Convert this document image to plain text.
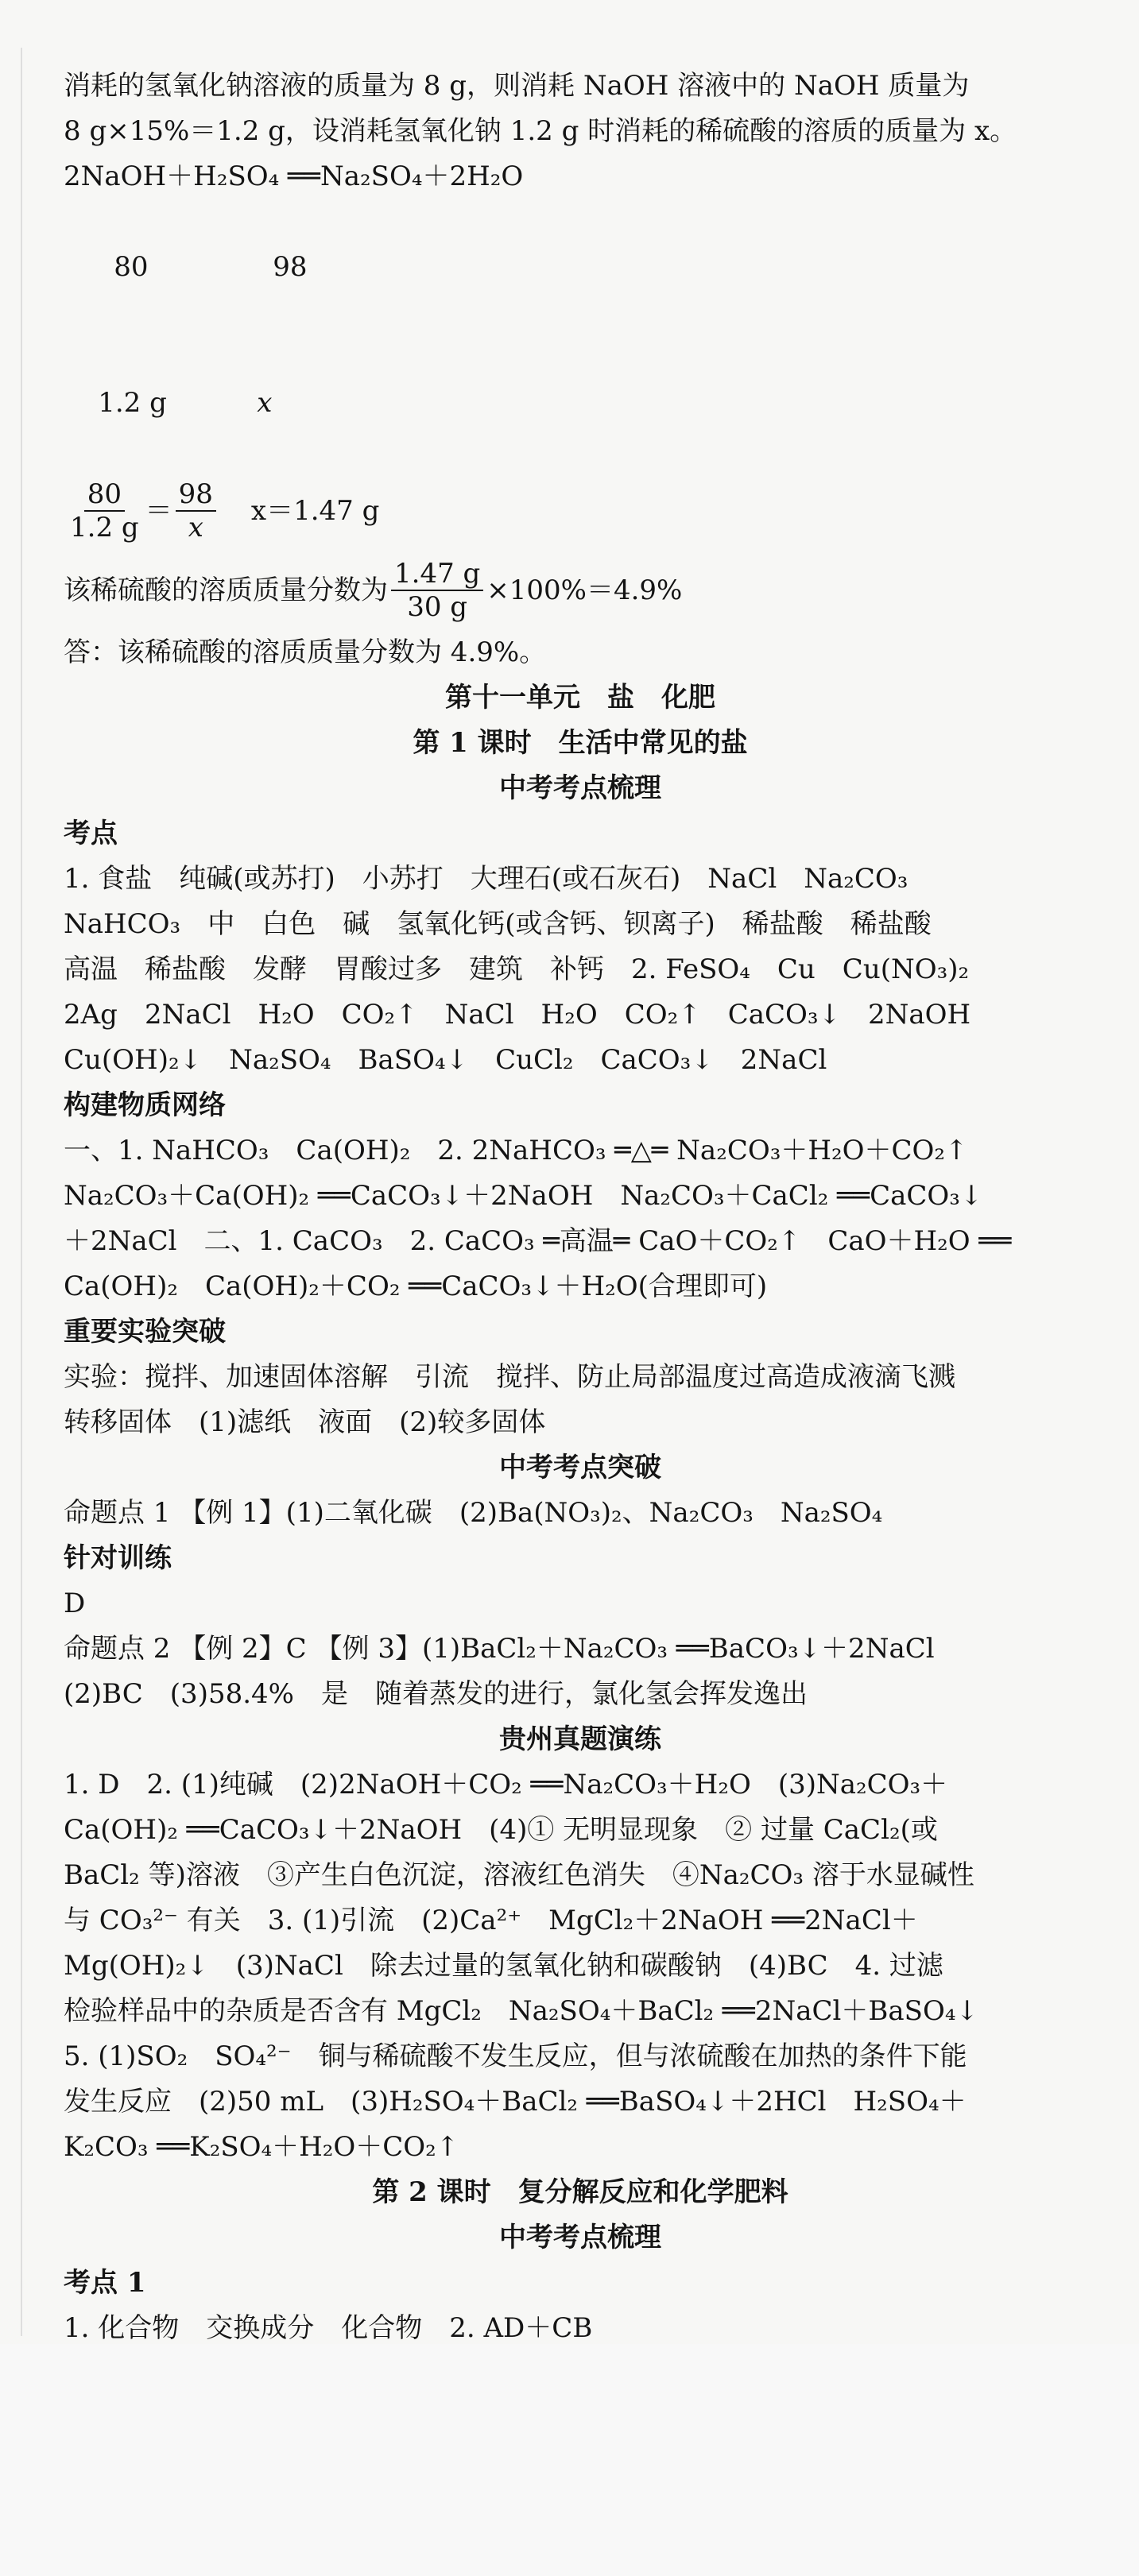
消耗的氢氧化钠溶液的质量为 8 g，则消耗 NaOH 溶液中的 NaOH 质量为
8 g×15%＝1.2 g，设消耗氢氧化钠 1.2 g 时消耗的稀硫酸的溶质的质量为 x。
2NaOH＋H₂SO₄ ══Na₂SO₄＋2H₂O

80	98

1.2 g	x

$\frac{80}{1.2 g} = \frac{98}{x} x=1.47$ g
该稀硫酸的溶质质量分数为 $\frac{1.47 g}{30 g} \times 100\%=4.9\%$
答：该稀硫酸的溶质质量分数为 4.9%。
第十一单元　盐　化肥
第 1 课时　生活中常见的盐
中考考点梳理
考点
1. 食盐　纯碱(或苏打)　小苏打　大理石(或石灰石)　NaCl　Na₂CO₃
NaHCO₃　中　白色　碱　氢氧化钙(或含钙、钡离子)　稀盐酸　稀盐酸
高温　稀盐酸　发酵　胃酸过多　建筑　补钙　2. FeSO₄　Cu　Cu(NO₃)₂
2Ag　2NaCl　H₂O　CO₂↑　NaCl　H₂O　CO₂↑　CaCO₃↓　2NaOH
Cu(OH)₂↓　Na₂SO₄　BaSO₄↓　CuCl₂　CaCO₃↓　2NaCl
构建物质网络
一、1. NaHCO₃　Ca(OH)₂　2. 2NaHCO₃ ═△═ Na₂CO₃＋H₂O＋CO₂↑
Na₂CO₃＋Ca(OH)₂ ══CaCO₃↓＋2NaOH　Na₂CO₃＋CaCl₂ ══CaCO₃↓
＋2NaCl　二、1. CaCO₃　2. CaCO₃ ═高温═ CaO＋CO₂↑　CaO＋H₂O ══
Ca(OH)₂　Ca(OH)₂＋CO₂ ══CaCO₃↓＋H₂O(合理即可)
重要实验突破
实验：搅拌、加速固体溶解　引流　搅拌、防止局部温度过高造成液滴飞溅
转移固体　(1)滤纸　液面　(2)较多固体
中考考点突破
命题点 1 【例 1】(1)二氧化碳　(2)Ba(NO₃)₂、Na₂CO₃　Na₂SO₄
针对训练
D
命题点 2 【例 2】C 【例 3】(1)BaCl₂＋Na₂CO₃ ══BaCO₃↓＋2NaCl
(2)BC　(3)58.4%　是　随着蒸发的进行，氯化氢会挥发逸出
贵州真题演练
1. D　2. (1)纯碱　(2)2NaOH＋CO₂ ══Na₂CO₃＋H₂O　(3)Na₂CO₃＋
Ca(OH)₂ ══CaCO₃↓＋2NaOH　(4)① 无明显现象　② 过量 CaCl₂(或
BaCl₂ 等)溶液　③产生白色沉淀，溶液红色消失　④Na₂CO₃ 溶于水显碱性
与 CO₃²⁻ 有关　3. (1)引流　(2)Ca²⁺　MgCl₂＋2NaOH ══2NaCl＋
Mg(OH)₂↓　(3)NaCl　除去过量的氢氧化钠和碳酸钠　(4)BC　4. 过滤
检验样品中的杂质是否含有 MgCl₂　Na₂SO₄＋BaCl₂ ══2NaCl＋BaSO₄↓
5. (1)SO₂　SO₄²⁻　铜与稀硫酸不发生反应，但与浓硫酸在加热的条件下能
发生反应　(2)50 mL　(3)H₂SO₄＋BaCl₂ ══BaSO₄↓＋2HCl　H₂SO₄＋
K₂CO₃ ══K₂SO₄＋H₂O＋CO₂↑
第 2 课时　复分解反应和化学肥料
中考考点梳理
考点 1
1. 化合物　交换成分　化合物　2. AD＋CB
